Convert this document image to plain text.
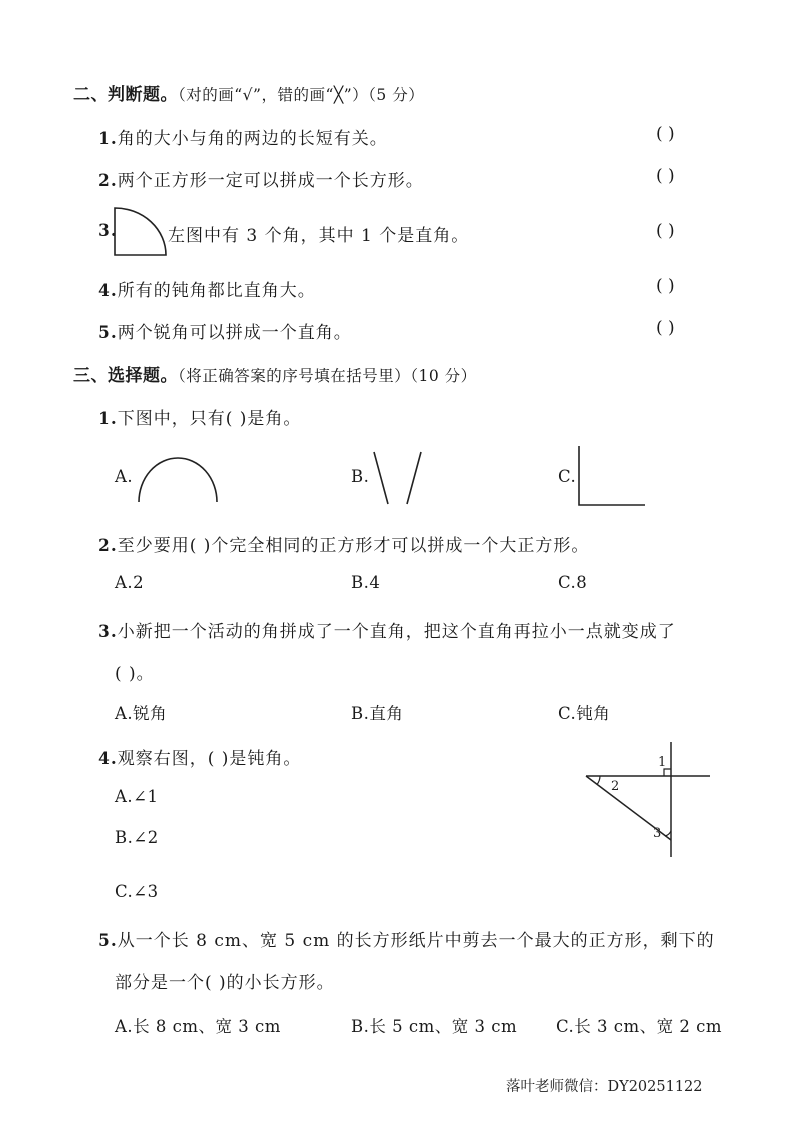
二、判断题。（对的画“√”，错的画“╳”）（5 分）
1.角的大小与角的两边的长短有关。	( )
2.两个正方形一定可以拼成一个长方形。	( )
3.	左图中有 3 个角，其中 1 个是直角。	( )
4.所有的钝角都比直角大。	( )
5.两个锐角可以拼成一个直角。	( )
三、选择题。（将正确答案的序号填在括号里）（10 分）
1.下图中，只有( )是角。
A.	B.	C.
2.至少要用( )个完全相同的正方形才可以拼成一个大正方形。
A.2	B.4	C.8
3.小新把一个活动的角拼成了一个直角，把这个直角再拉小一点就变成了
( )。
A.锐角	B.直角	C.钝角
4.观察右图，( )是钝角。
A.∠1
B.∠2
C.∠3
1
2
3
5.从一个长 8 cm、宽 5 cm 的长方形纸片中剪去一个最大的正方形，剩下的
部分是一个( )的小长方形。
A.长 8 cm、宽 3 cm	B.长 5 cm、宽 3 cm C.长 3 cm、宽 2 cm
落叶老师微信：DY20251122
